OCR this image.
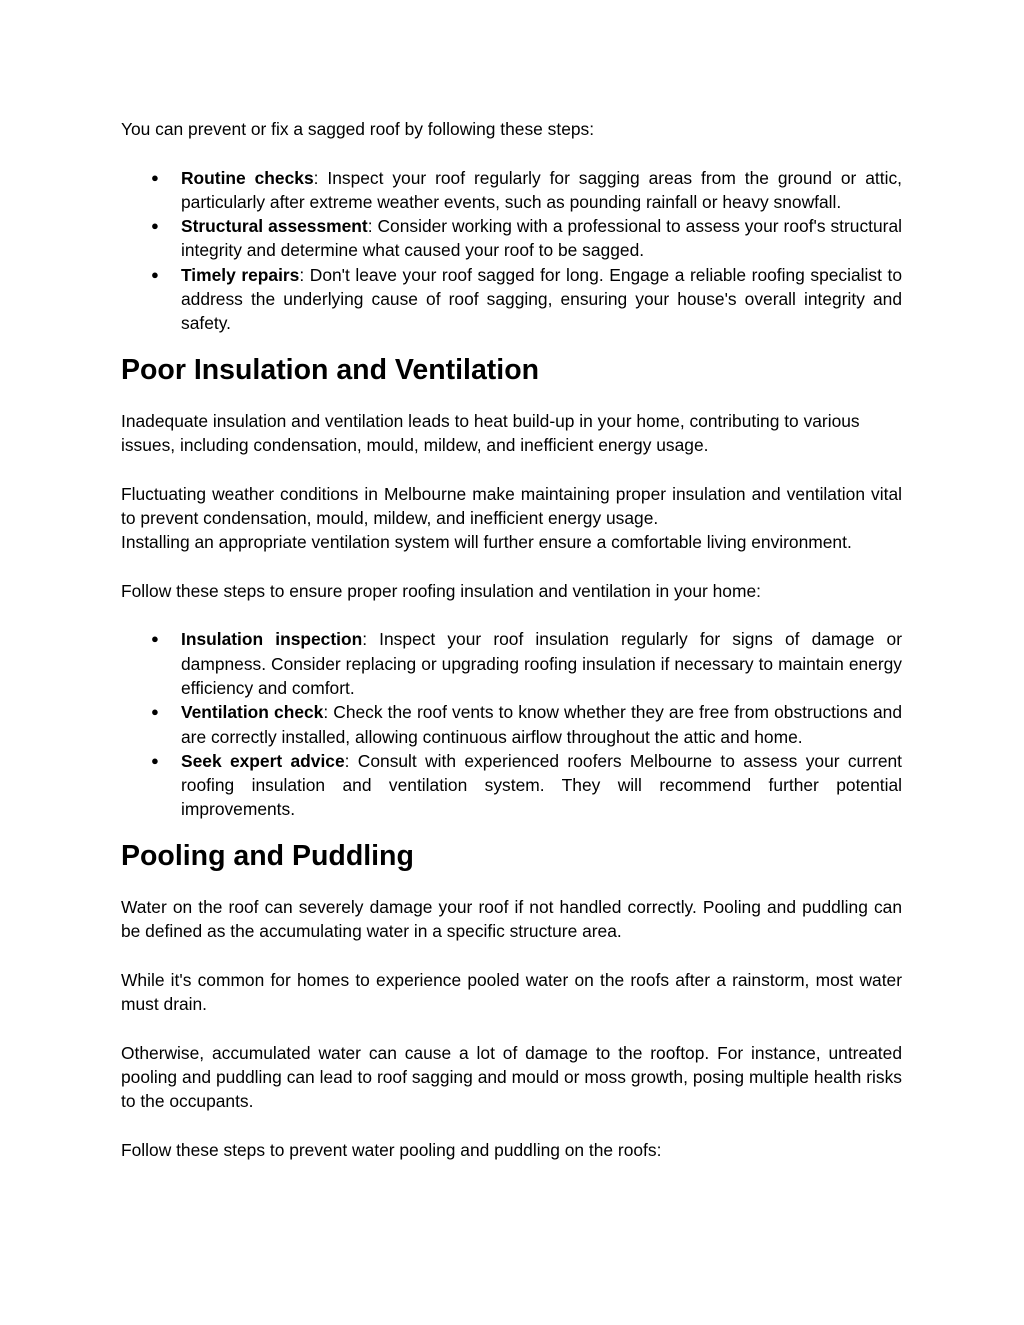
You can prevent or fix a sagged roof by following these steps:

● Routine checks: Inspect your roof regularly for sagging areas from the ground or attic, particularly after extreme weather events, such as pounding rainfall or heavy snowfall.
● Structural assessment: Consider working with a professional to assess your roof's structural integrity and determine what caused your roof to be sagged.
● Timely repairs: Don't leave your roof sagged for long. Engage a reliable roofing specialist to address the underlying cause of roof sagging, ensuring your house's overall integrity and safety.
Poor Insulation and Ventilation

Inadequate insulation and ventilation leads to heat build-up in your home, contributing to various issues, including condensation, mould, mildew, and inefficient energy usage.

Fluctuating weather conditions in Melbourne make maintaining proper insulation and ventilation vital to prevent condensation, mould, mildew, and inefficient energy usage.

Installing an appropriate ventilation system will further ensure a comfortable living environment.

Follow these steps to ensure proper roofing insulation and ventilation in your home:

● Insulation inspection: Inspect your roof insulation regularly for signs of damage or dampness. Consider replacing or upgrading roofing insulation if necessary to maintain energy efficiency and comfort.
● Ventilation check: Check the roof vents to know whether they are free from obstructions and are correctly installed, allowing continuous airflow throughout the attic and home.
● Seek expert advice: Consult with experienced roofers Melbourne to assess your current roofing insulation and ventilation system. They will recommend further potential improvements.
Pooling and Puddling

Water on the roof can severely damage your roof if not handled correctly. Pooling and puddling can be defined as the accumulating water in a specific structure area.

While it's common for homes to experience pooled water on the roofs after a rainstorm, most water must drain.

Otherwise, accumulated water can cause a lot of damage to the rooftop. For instance, untreated pooling and puddling can lead to roof sagging and mould or moss growth, posing multiple health risks to the occupants.

Follow these steps to prevent water pooling and puddling on the roofs:
